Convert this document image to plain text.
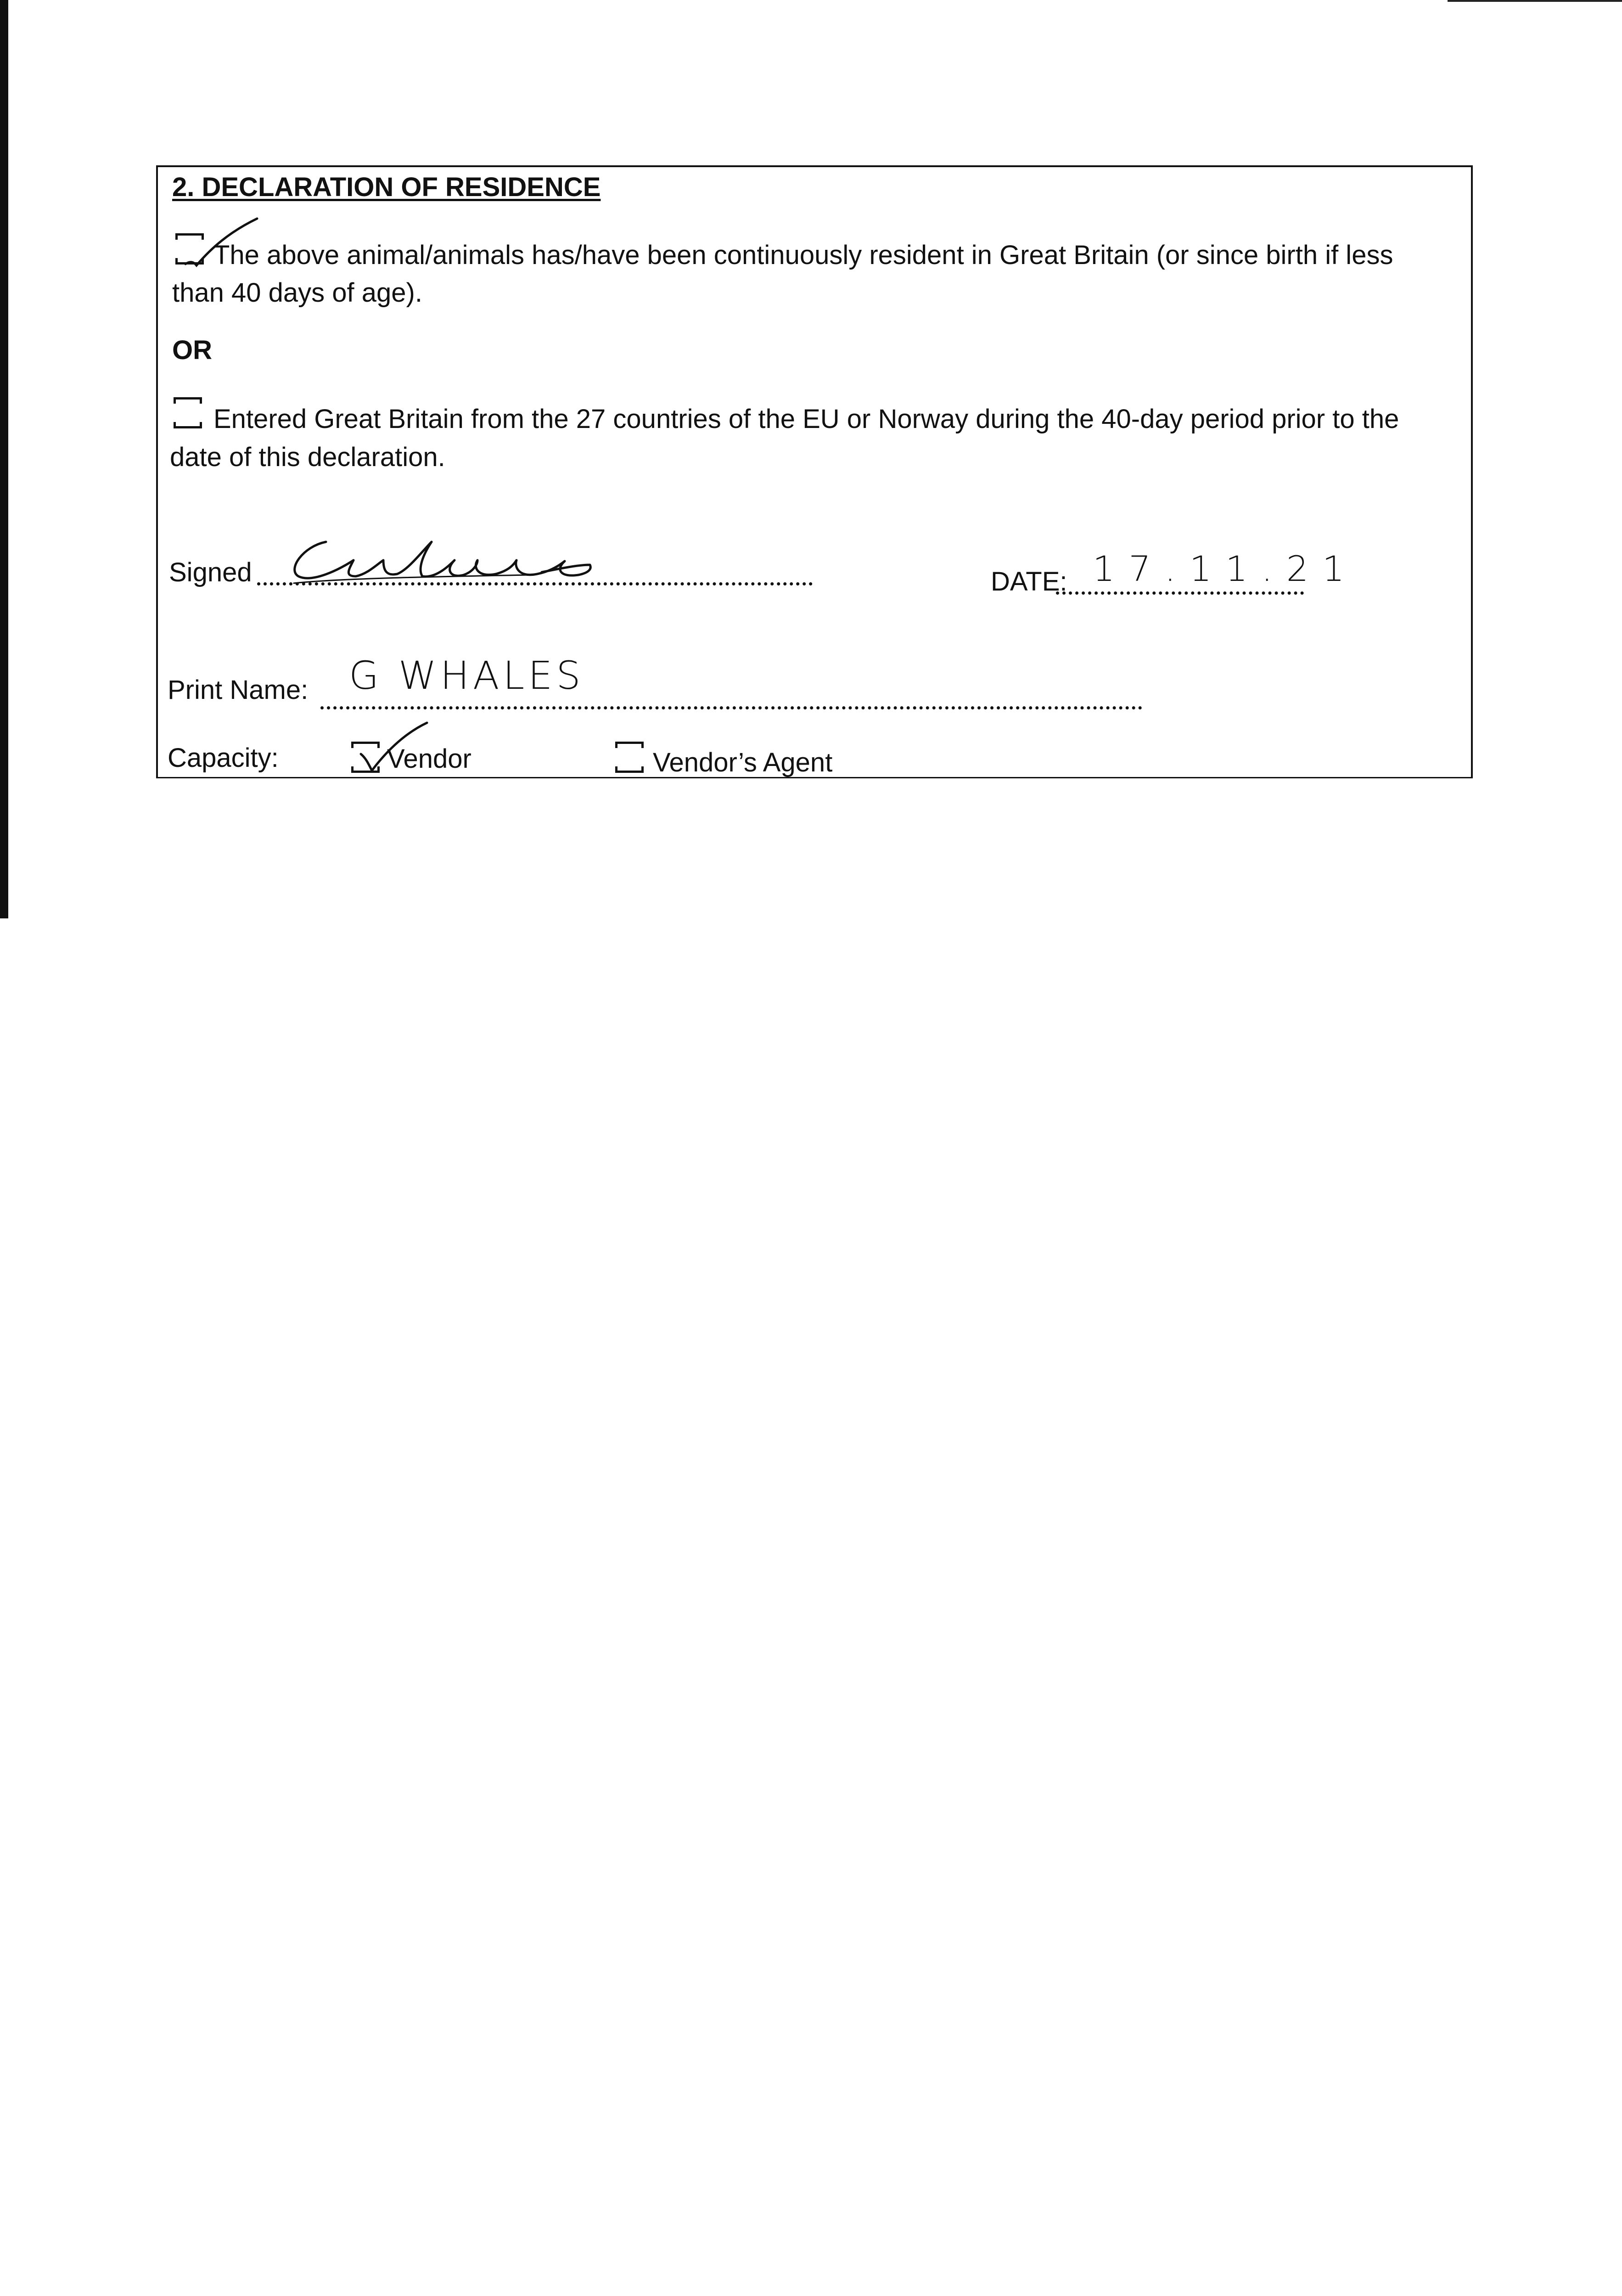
2. DECLARATION OF RESIDENCE
The above animal/animals has/have been continuously resident in Great Britain (or since birth if less
than 40 days of age).
OR
Entered Great Britain from the 27 countries of the EU or Norway during the 40-day period prior to the
date of this declaration.
Signed	DATE: 17.11.21
Print Name: G WHALES
Capacity:	Vendor	Vendor’s Agent
